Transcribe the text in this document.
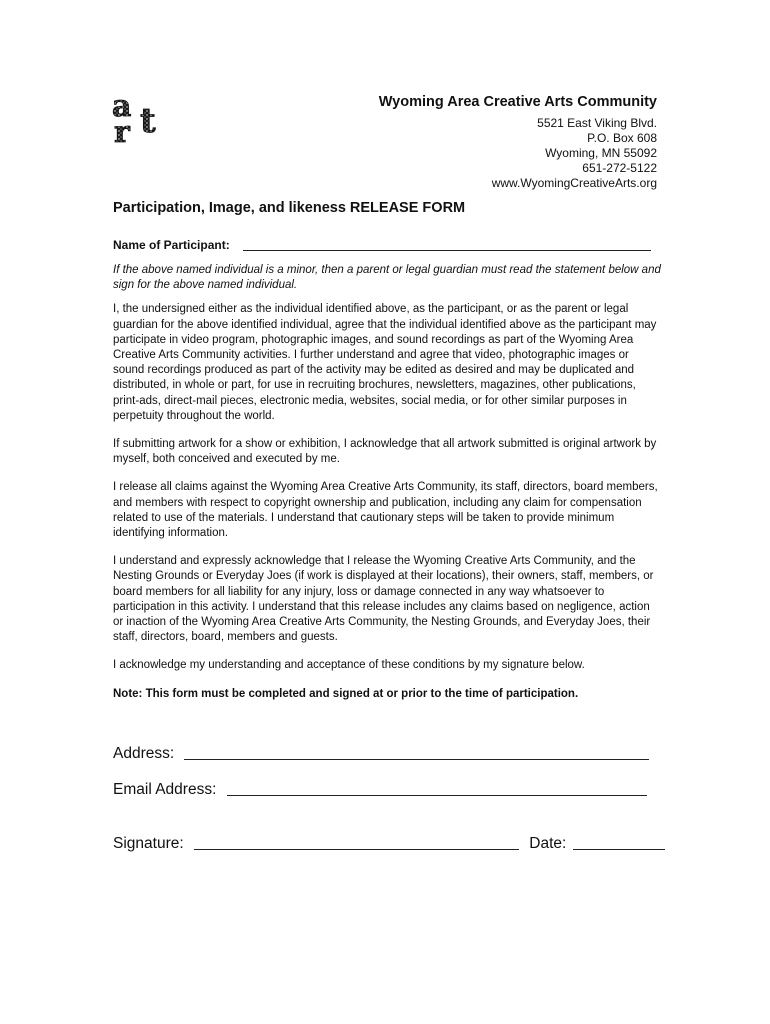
a
r t	Wyoming Area Creative Arts Community
5521 East Viking Blvd.
P.O. Box 608
Wyoming, MN 55092
651-272-5122
www.WyomingCreativeArts.org
Participation, Image, and likeness RELEASE FORM
Name of Participant:

If the above named individual is a minor, then a parent or legal guardian must read the statement below and sign for the above named individual.

I, the undersigned either as the individual identified above, as the participant, or as the parent or legal guardian for the above identified individual, agree that the individual identified above as the participant may participate in video program, photographic images, and sound recordings as part of the Wyoming Area Creative Arts Community activities. I further understand and agree that video, photographic images or sound recordings produced as part of the activity may be edited as desired and may be duplicated and distributed, in whole or part, for use in recruiting brochures, newsletters, magazines, other publications, print-ads, direct-mail pieces, electronic media, websites, social media, or for other similar purposes in perpetuity throughout the world.

If submitting artwork for a show or exhibition, I acknowledge that all artwork submitted is original artwork by myself, both conceived and executed by me.

I release all claims against the Wyoming Area Creative Arts Community, its staff, directors, board members, and members with respect to copyright ownership and publication, including any claim for compensation related to use of the materials. I understand that cautionary steps will be taken to provide minimum identifying information.

I understand and expressly acknowledge that I release the Wyoming Creative Arts Community, and the Nesting Grounds or Everyday Joes (if work is displayed at their locations), their owners, staff, members, or board members for all liability for any injury, loss or damage connected in any way whatsoever to participation in this activity. I understand that this release includes any claims based on negligence, action or inaction of the Wyoming Area Creative Arts Community, the Nesting Grounds, and Everyday Joes, their staff, directors, board, members and guests.

I acknowledge my understanding and acceptance of these conditions by my signature below.

Note: This form must be completed and signed at or prior to the time of participation.

Address:
Email Address:
Signature:	Date:
